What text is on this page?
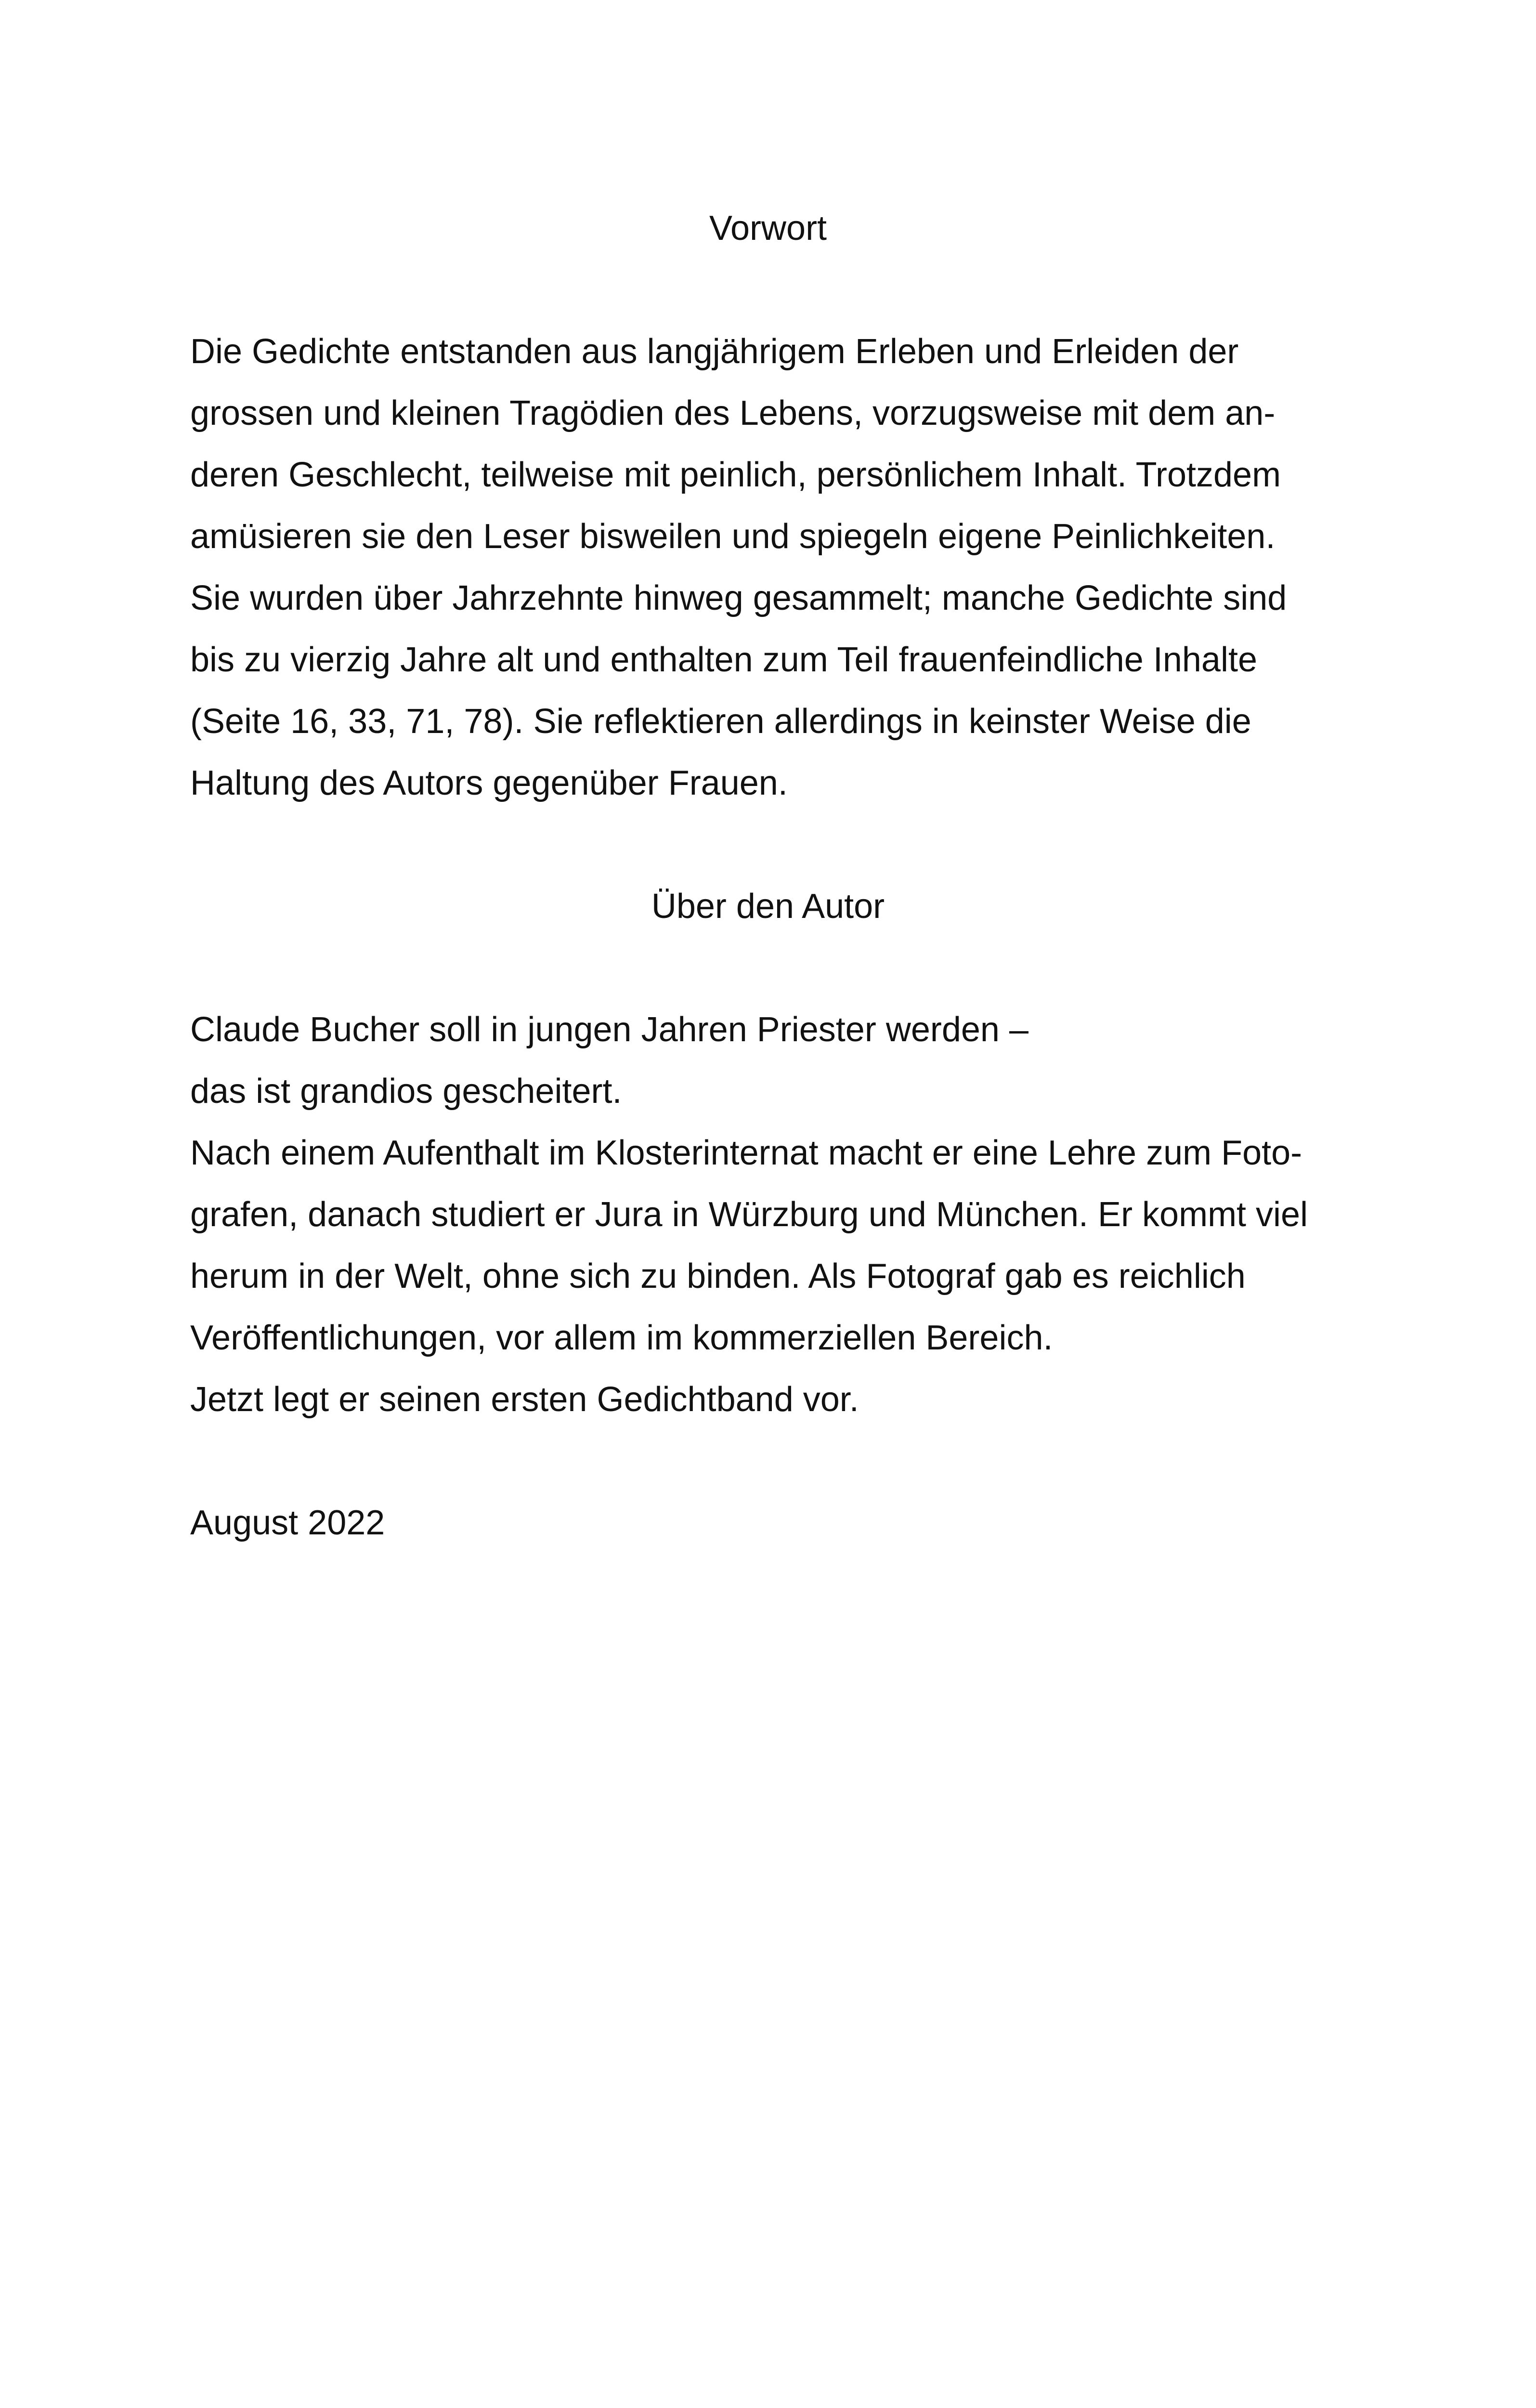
Vorwort
Die Gedichte entstanden aus langjährigem Erleben und Erleiden der
grossen und kleinen Tragödien des Lebens, vorzugsweise mit dem an-
deren Geschlecht, teilweise mit peinlich, persönlichem Inhalt. Trotzdem
amüsieren sie den Leser bisweilen und spiegeln eigene Peinlichkeiten.
Sie wurden über Jahrzehnte hinweg gesammelt; manche Gedichte sind
bis zu vierzig Jahre alt und enthalten zum Teil frauenfeindliche Inhalte
(Seite 16, 33, 71, 78). Sie reflektieren allerdings in keinster Weise die
Haltung des Autors gegenüber Frauen.
Über den Autor
Claude Bucher soll in jungen Jahren Priester werden –
das ist grandios gescheitert.
Nach einem Aufenthalt im Klosterinternat macht er eine Lehre zum Foto-
grafen, danach studiert er Jura in Würzburg und München. Er kommt viel
herum in der Welt, ohne sich zu binden. Als Fotograf gab es reichlich
Veröffentlichungen, vor allem im kommerziellen Bereich.
Jetzt legt er seinen ersten Gedichtband vor.
August 2022
